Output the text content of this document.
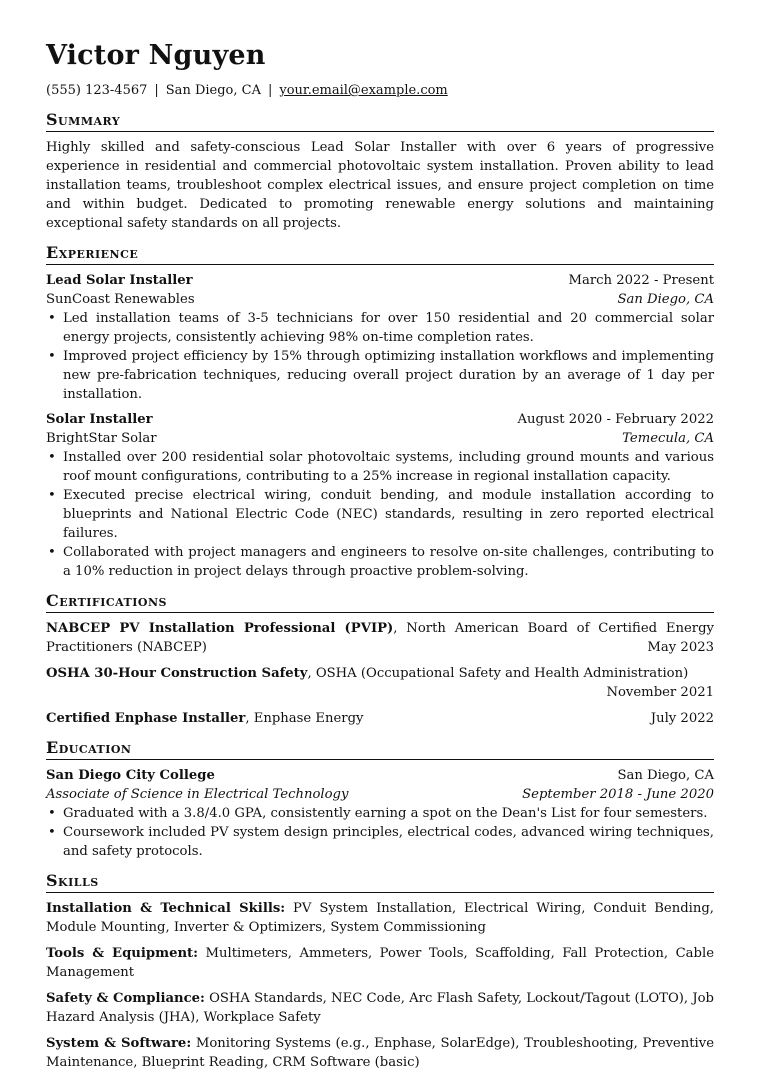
Victor Nguyen
(555) 123-4567 | San Diego, CA | your.email@example.com
Summary
Highly skilled and safety-conscious Lead Solar Installer with over 6 years of progressive experience in residential and commercial photovoltaic system installation. Proven ability to lead installation teams, troubleshoot complex electrical issues, and ensure project completion on time and within budget. Dedicated to promoting renewable energy solutions and maintaining exceptional safety standards on all projects.
Experience
Lead Solar Installer	March 2022 - Present
SunCoast Renewables	San Diego, CA
• Led installation teams of 3-5 technicians for over 150 residential and 20 commercial solar energy projects, consistently achieving 98% on-time completion rates.
• Improved project efficiency by 15% through optimizing installation workflows and implementing new pre-fabrication techniques, reducing overall project duration by an average of 1 day per installation.
Solar Installer	August 2020 - February 2022
BrightStar Solar	Temecula, CA
• Installed over 200 residential solar photovoltaic systems, including ground mounts and various roof mount configurations, contributing to a 25% increase in regional installation capacity.
• Executed precise electrical wiring, conduit bending, and module installation according to blueprints and National Electric Code (NEC) standards, resulting in zero reported electrical failures.
• Collaborated with project managers and engineers to resolve on-site challenges, contributing to a 10% reduction in project delays through proactive problem-solving.
Certifications
NABCEP PV Installation Professional (PVIP), North American Board of Certified Energy Practitioners (NABCEP)	May 2023
OSHA 30-Hour Construction Safety, OSHA (Occupational Safety and Health Administration)
November 2021
Certified Enphase Installer, Enphase Energy	July 2022
Education
San Diego City College	San Diego, CA
Associate of Science in Electrical Technology	September 2018 - June 2020
• Graduated with a 3.8/4.0 GPA, consistently earning a spot on the Dean's List for four semesters.
• Coursework included PV system design principles, electrical codes, advanced wiring techniques, and safety protocols.
Skills
Installation & Technical Skills: PV System Installation, Electrical Wiring, Conduit Bending, Module Mounting, Inverter & Optimizers, System Commissioning
Tools & Equipment: Multimeters, Ammeters, Power Tools, Scaffolding, Fall Protection, Cable Management
Safety & Compliance: OSHA Standards, NEC Code, Arc Flash Safety, Lockout/Tagout (LOTO), Job Hazard Analysis (JHA), Workplace Safety
System & Software: Monitoring Systems (e.g., Enphase, SolarEdge), Troubleshooting, Preventive Maintenance, Blueprint Reading, CRM Software (basic)
